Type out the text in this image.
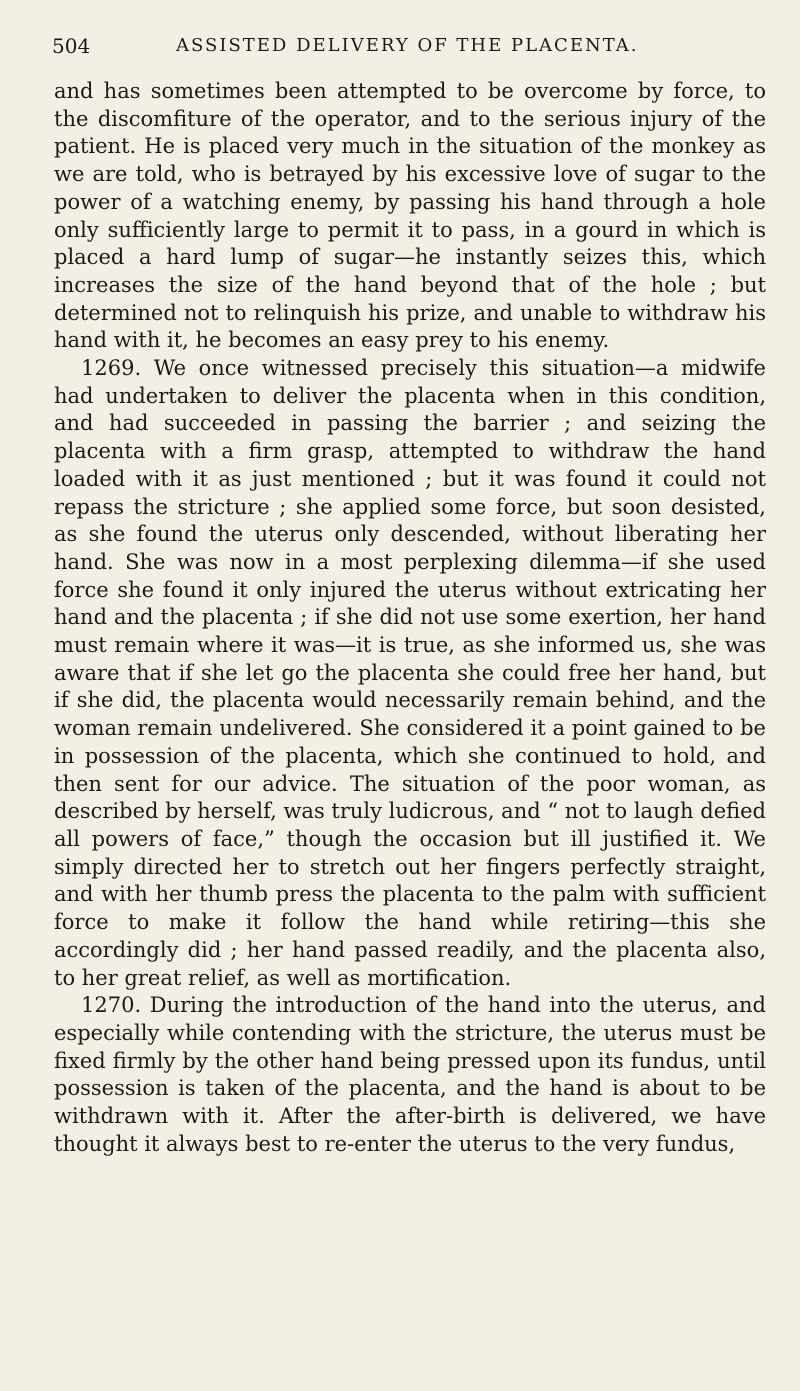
504	ASSISTED DELIVERY OF THE PLACENTA.

and has sometimes been attempted to be overcome by force, to the discomfiture of the operator, and to the serious injury of the patient. He is placed very much in the situation of the monkey as we are told, who is betrayed by his excessive love of sugar to the power of a watching enemy, by passing his hand through a hole only sufficiently large to permit it to pass, in a gourd in which is placed a hard lump of sugar—he instantly seizes this, which increases the size of the hand beyond that of the hole ; but determined not to relinquish his prize, and unable to withdraw his hand with it, he becomes an easy prey to his enemy.

1269. We once witnessed precisely this situation—a midwife had undertaken to deliver the placenta when in this condition, and had succeeded in passing the barrier ; and seizing the placenta with a firm grasp, attempted to withdraw the hand loaded with it as just mentioned ; but it was found it could not repass the stricture ; she applied some force, but soon desisted, as she found the uterus only descended, without liberating her hand. She was now in a most perplexing dilemma—if she used force she found it only injured the uterus without extricating her hand and the placenta ; if she did not use some exertion, her hand must remain where it was—it is true, as she informed us, she was aware that if she let go the placenta she could free her hand, but if she did, the placenta would necessarily remain behind, and the woman remain undelivered. She considered it a point gained to be in possession of the placenta, which she continued to hold, and then sent for our advice. The situation of the poor woman, as described by herself, was truly ludicrous, and “ not to laugh defied all powers of face,” though the occasion but ill justified it. We simply directed her to stretch out her fingers perfectly straight, and with her thumb press the placenta to the palm with sufficient force to make it follow the hand while retiring—this she accordingly did ; her hand passed readily, and the placenta also, to her great relief, as well as mortification.

1270. During the introduction of the hand into the uterus, and especially while contending with the stricture, the uterus must be fixed firmly by the other hand being pressed upon its fundus, until possession is taken of the placenta, and the hand is about to be withdrawn with it. After the after-birth is delivered, we have thought it always best to re-enter the uterus to the very fundus,
